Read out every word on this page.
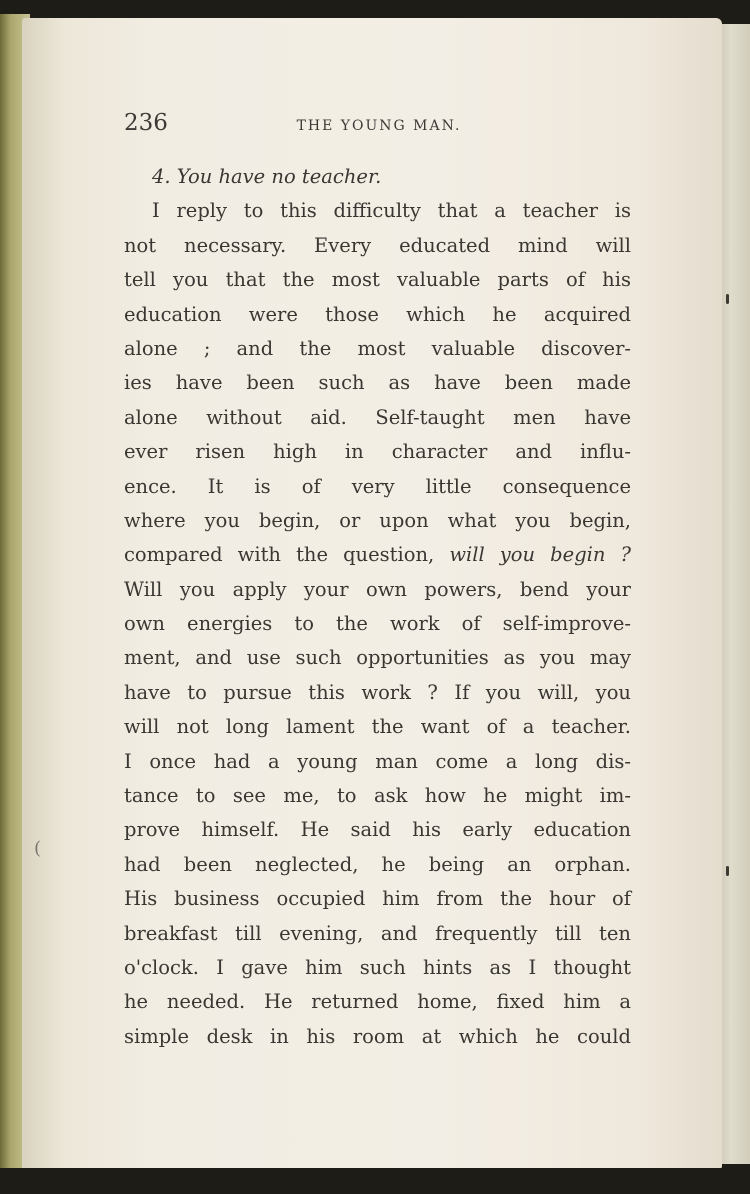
(
236	THE YOUNG MAN.
4. You have no teacher.
I reply to this difficulty that a teacher is
not necessary. Every educated mind will
tell you that the most valuable parts of his
education were those which he acquired
alone ; and the most valuable discover-
ies have been such as have been made
alone without aid. Self-taught men have
ever risen high in character and influ-
ence. It is of very little consequence
where you begin, or upon what you begin,
compared with the question, will you begin ?
Will you apply your own powers, bend your
own energies to the work of self-improve-
ment, and use such opportunities as you may
have to pursue this work ? If you will, you
will not long lament the want of a teacher.
I once had a young man come a long dis-
tance to see me, to ask how he might im-
prove himself. He said his early education
had been neglected, he being an orphan.
His business occupied him from the hour of
breakfast till evening, and frequently till ten
o'clock. I gave him such hints as I thought
he needed. He returned home, fixed him a
simple desk in his room at which he could
